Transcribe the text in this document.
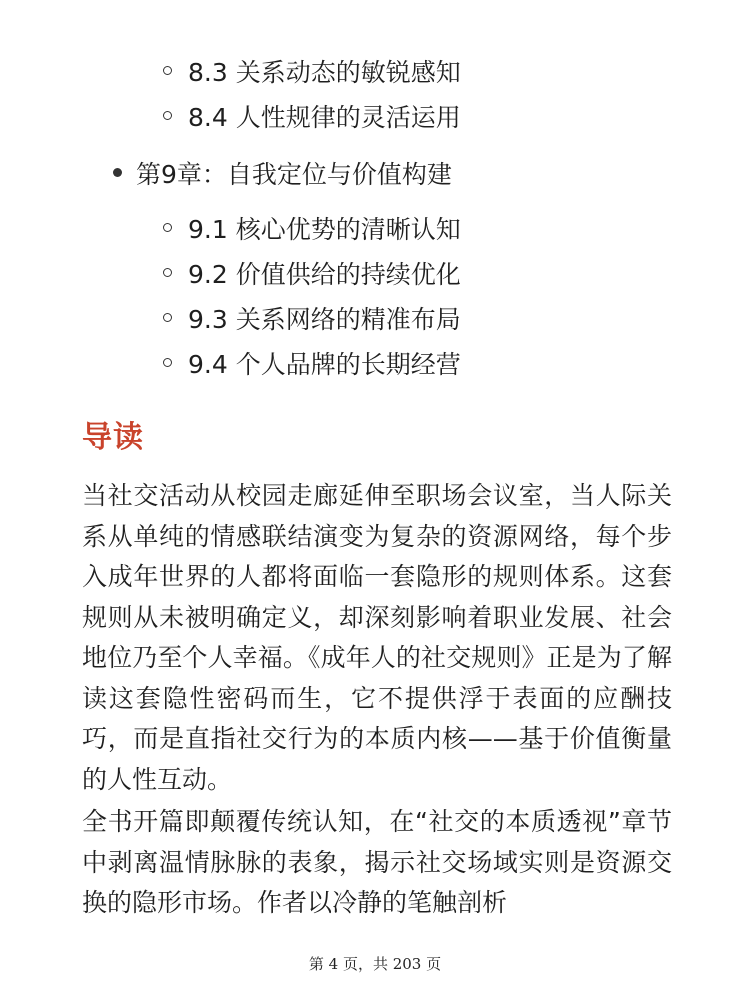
8.3 关系动态的敏锐感知
8.4 人性规律的灵活运用
第9章：自我定位与价值构建
9.1 核心优势的清晰认知
9.2 价值供给的持续优化
9.3 关系网络的精准布局
9.4 个人品牌的长期经营
导读

当社交活动从校园走廊延伸至职场会议室，当人际关系从单纯的情感联结演变为复杂的资源网络，每个步入成年世界的人都将面临一套隐形的规则体系。这套规则从未被明确定义，却深刻影响着职业发展、社会地位乃至个人幸福。《成年人的社交规则》正是为了解读这套隐性密码而生，它不提供浮于表面的应酬技巧，而是直指社交行为的本质内核——基于价值衡量的人性互动。

全书开篇即颠覆传统认知，在“社交的本质透视”章节中剥离温情脉脉的表象，揭示社交场域实则是资源交换的隐形市场。作者以冷静的笔触剖析

第 4 页，共 203 页
